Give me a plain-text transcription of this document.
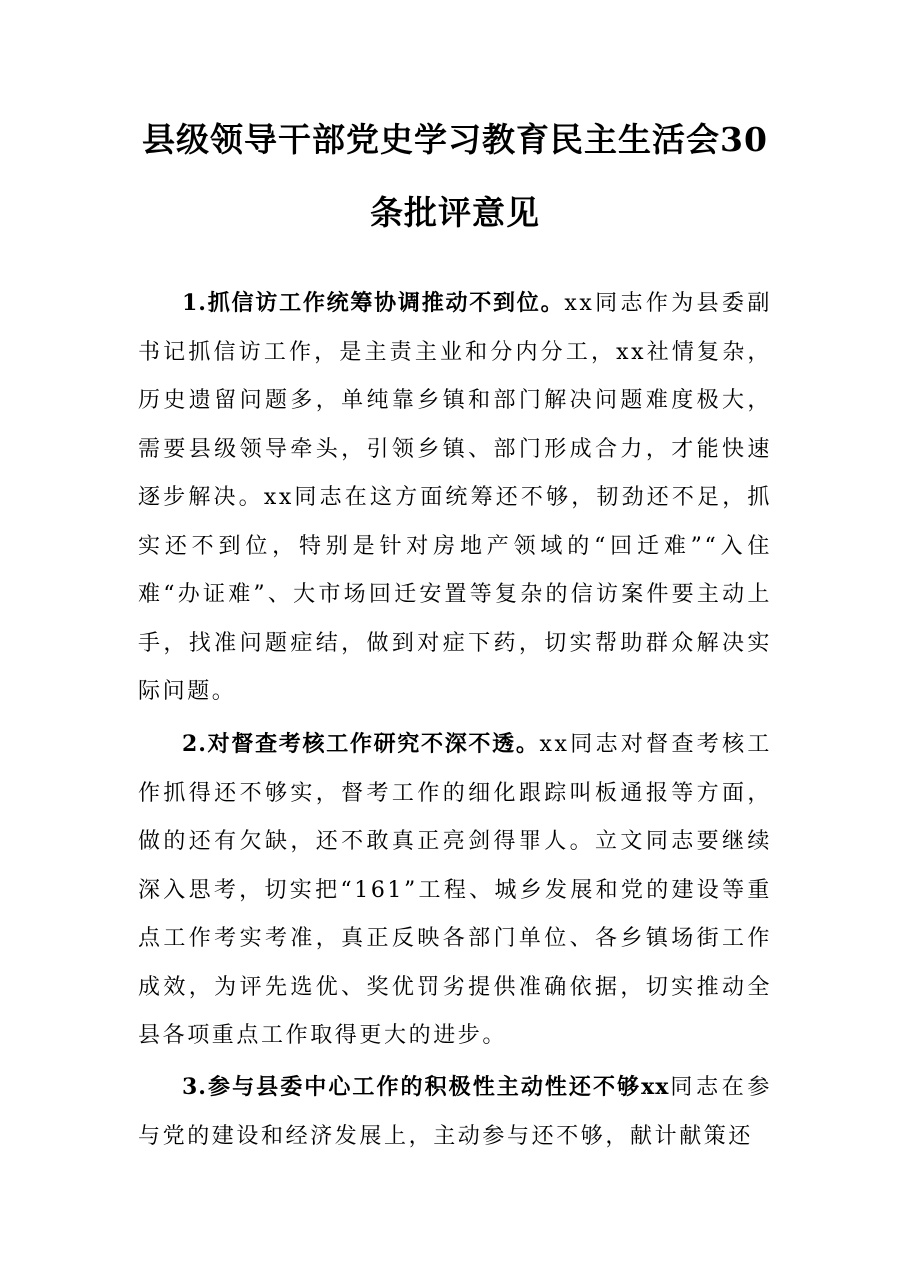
县级领导干部党史学习教育民主生活会30
条批评意见

1.抓信访工作统筹协调推动不到位。xx同志作为县委副书记抓信访工作，是主责主业和分内分工，xx社情复杂，历史遗留问题多，单纯靠乡镇和部门解决问题难度极大，需要县级领导牵头，引领乡镇、部门形成合力，才能快速逐步解决。xx同志在这方面统筹还不够，韧劲还不足，抓实还不到位，特别是针对房地产领域的“回迁难”“入住难“办证难”、大市场回迁安置等复杂的信访案件要主动上手，找准问题症结，做到对症下药，切实帮助群众解决实际问题。

2.对督查考核工作研究不深不透。xx同志对督查考核工作抓得还不够实，督考工作的细化跟踪叫板通报等方面，做的还有欠缺，还不敢真正亮剑得罪人。立文同志要继续深入思考，切实把“161”工程、城乡发展和党的建设等重点工作考实考准，真正反映各部门单位、各乡镇场街工作成效，为评先选优、奖优罚劣提供准确依据，切实推动全县各项重点工作取得更大的进步。

3.参与县委中心工作的积极性主动性还不够xx同志在参与党的建设和经济发展上，主动参与还不够，献计献策还
